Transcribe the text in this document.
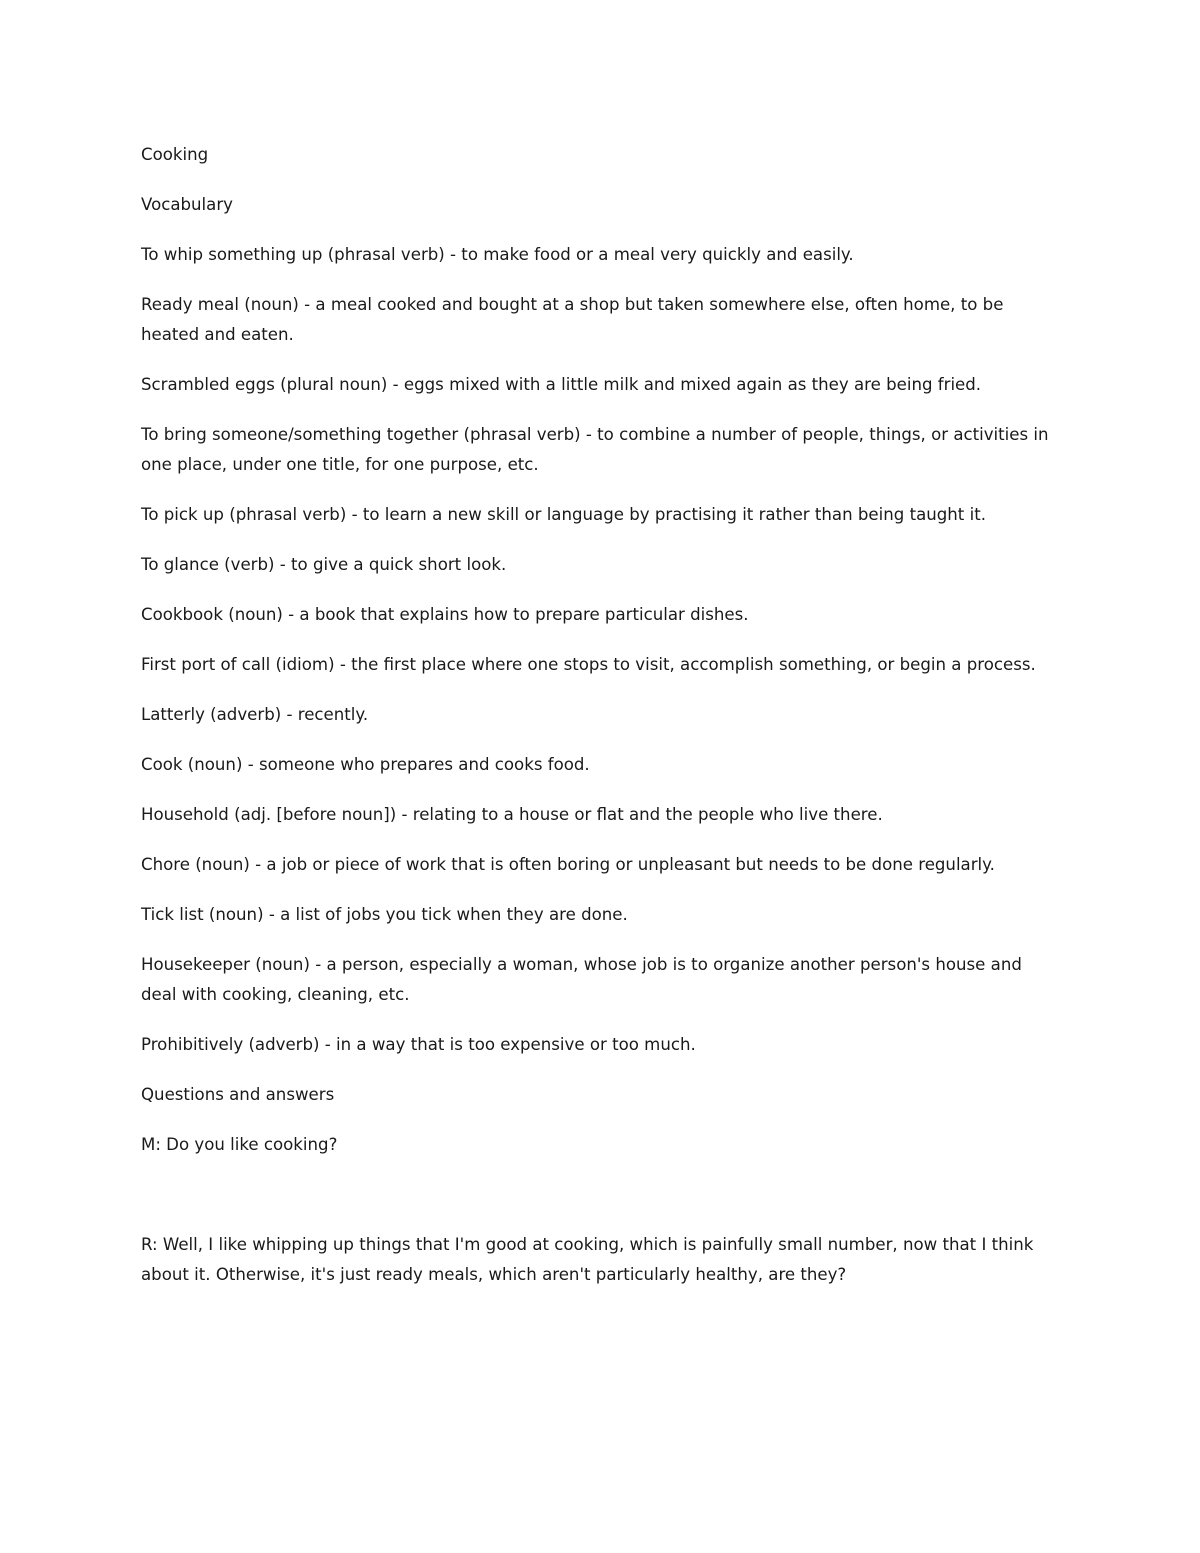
Cooking

Vocabulary

To whip something up (phrasal verb) - to make food or a meal very quickly and easily.

Ready meal (noun) - a meal cooked and bought at a shop but taken somewhere else, often home, to be heated and eaten.

Scrambled eggs (plural noun) - eggs mixed with a little milk and mixed again as they are being fried.

To bring someone/something together (phrasal verb) - to combine a number of people, things, or activities in one place, under one title, for one purpose, etc.

To pick up (phrasal verb) - to learn a new skill or language by practising it rather than being taught it.

To glance (verb) - to give a quick short look.

Cookbook (noun) - a book that explains how to prepare particular dishes.

First port of call (idiom) - the first place where one stops to visit, accomplish something, or begin a process.

Latterly (adverb) - recently.

Cook (noun) - someone who prepares and cooks food.

Household (adj. [before noun]) - relating to a house or flat and the people who live there.

Chore (noun) - a job or piece of work that is often boring or unpleasant but needs to be done regularly.

Tick list (noun) - a list of jobs you tick when they are done.

Housekeeper (noun) - a person, especially a woman, whose job is to organize another person's house and deal with cooking, cleaning, etc.

Prohibitively (adverb) - in a way that is too expensive or too much.

Questions and answers

M: Do you like cooking?

R: Well, I like whipping up things that I'm good at cooking, which is painfully small number, now that I think about it. Otherwise, it's just ready meals, which aren't particularly healthy, are they?
